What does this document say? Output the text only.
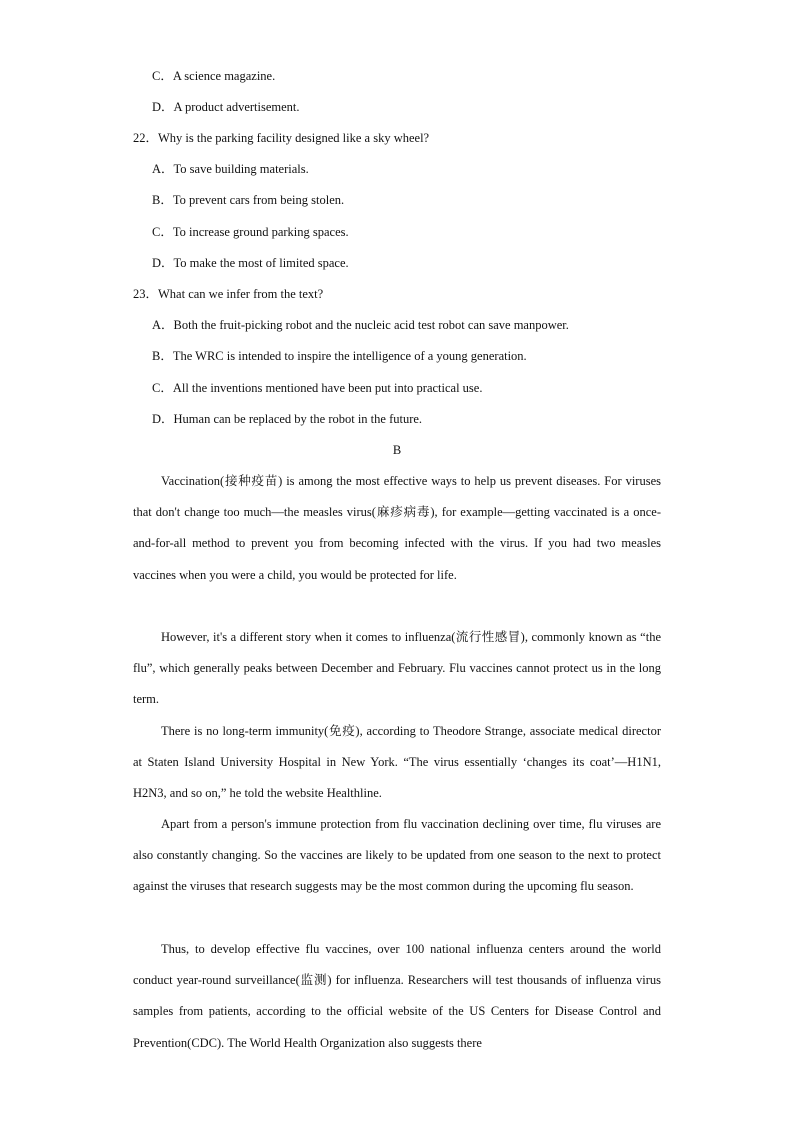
C．A science magazine.
D．A product advertisement.
22．Why is the parking facility designed like a sky wheel?
A．To save building materials.
B．To prevent cars from being stolen.
C．To increase ground parking spaces.
D．To make the most of limited space.
23．What can we infer from the text?
A．Both the fruit-picking robot and the nucleic acid test robot can save manpower.
B．The WRC is intended to inspire the intelligence of a young generation.
C．All the inventions mentioned have been put into practical use.
D．Human can be replaced by the robot in the future.
B

Vaccination(接种疫苗) is among the most effective ways to help us prevent diseases. For viruses that don't change too much—the measles virus(麻疹病毒), for example—getting vaccinated is a once-and-for-all method to prevent you from becoming infected with the virus. If you had two measles vaccines when you were a child, you would be protected for life.

However, it's a different story when it comes to influenza(流行性感冒), commonly known as “the flu”, which generally peaks between December and February. Flu vaccines cannot protect us in the long term.

There is no long-term immunity(免疫), according to Theodore Strange, associate medical director at Staten Island University Hospital in New York. “The virus essentially ‘changes its coat’—H1N1, H2N3, and so on,” he told the website Healthline.

Apart from a person's immune protection from flu vaccination declining over time, flu viruses are also constantly changing. So the vaccines are likely to be updated from one season to the next to protect against the viruses that research suggests may be the most common during the upcoming flu season.

Thus, to develop effective flu vaccines, over 100 national influenza centers around the world conduct year-round surveillance(监测) for influenza. Researchers will test thousands of influenza virus samples from patients, according to the official website of the US Centers for Disease Control and Prevention(CDC). The World Health Organization also suggests there
